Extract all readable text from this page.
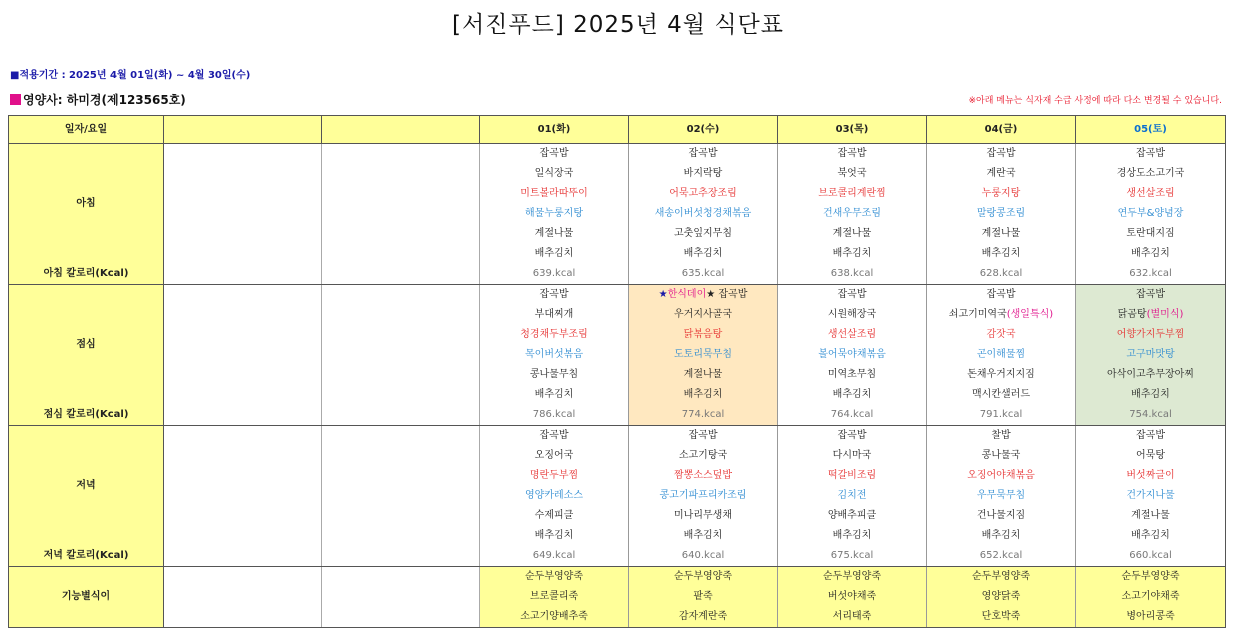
[서진푸드] 2025년 4월 식단표
■적용기간 : 2025년 4월 01일(화) ~ 4월 30일(수)
영양사: 하미경(제123565호)	※아래 메뉴는 식자재 수급 사정에 따라 다소 변경될 수 있습니다.
일자/요일			01(화)	02(수)	03(목)	04(금)	05(토)
아침			잡곡밥	잡곡밥	잡곡밥	잡곡밥	잡곡밥
			일식장국	바지락탕	북엇국	계란국	경상도소고기국
			미트볼라따뚜이	어묵고추장조림	브로콜리계란찜	누룽지탕	생선살조림
			해물누룽지탕	새송이버섯청경채볶음	건새우무조림	말랑콩조림	연두부&양념장
			계절나물	고춧잎지무침	계절나물	계절나물	토란대지짐
			배추김치	배추김치	배추김치	배추김치	배추김치
아침 칼로리(Kcal)			639.kcal	635.kcal	638.kcal	628.kcal	632.kcal
점심			잡곡밥	★한식데이★ 잡곡밥	잡곡밥	잡곡밥	잡곡밥
			부대찌개	우거지사골국	시원해장국	쇠고기미역국(생일특식)	닭곰탕(별미식)
			청경채두부조림	닭볶음탕	생선살조림	감잣국	어향가지두부찜
			목이버섯볶음	도토리묵무침	볼어묵야채볶음	곤이해물찜	고구마맛탕
			콩나물무침	계절나물	미역초무침	돈채우거지지짐	아삭이고추무장아찌
			배추김치	배추김치	배추김치	맥시칸샐러드	배추김치
점심 칼로리(Kcal)			786.kcal	774.kcal	764.kcal	791.kcal	754.kcal
저녁			잡곡밥	잡곡밥	잡곡밥	찰밥	잡곡밥
			오징어국	소고기탕국	다시마국	콩나물국	어묵탕
			명란두부찜	짬뽕소스덮밥	떡갈비조림	오징어야채볶음	버섯짜글이
			영양카레소스	콩고기파프리카조림	김치전	우무묵무침	건가지나물
			수제피클	미나리무생채	양배추피클	건나물지짐	계절나물
			배추김치	배추김치	배추김치	배추김치	배추김치
저녁 칼로리(Kcal)			649.kcal	640.kcal	675.kcal	652.kcal	660.kcal
기능별식이			순두부영양죽	순두부영양죽	순두부영양죽	순두부영양죽	순두부영양죽
			브로콜리죽	팥죽	버섯야채죽	영양닭죽	소고기야채죽
			소고기양배추죽	감자계란죽	서리태죽	단호박죽	병아리콩죽
